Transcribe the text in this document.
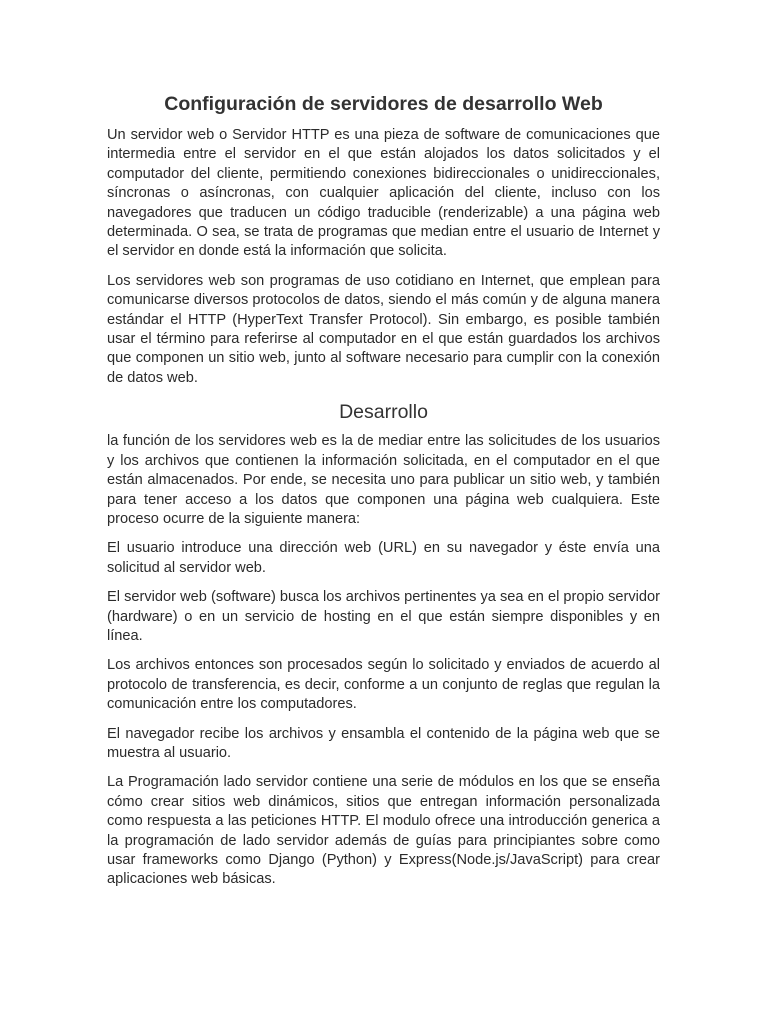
Configuración de servidores de desarrollo Web

Un servidor web o Servidor HTTP es una pieza de software de comunicaciones que intermedia entre el servidor en el que están alojados los datos solicitados y el computador del cliente, permitiendo conexiones bidireccionales o unidireccionales, síncronas o asíncronas, con cualquier aplicación del cliente, incluso con los navegadores que traducen un código traducible (renderizable) a una página web determinada. O sea, se trata de programas que median entre el usuario de Internet y el servidor en donde está la información que solicita.

Los servidores web son programas de uso cotidiano en Internet, que emplean para comunicarse diversos protocolos de datos, siendo el más común y de alguna manera estándar el HTTP (HyperText Transfer Protocol). Sin embargo, es posible también usar el término para referirse al computador en el que están guardados los archivos que componen un sitio web, junto al software necesario para cumplir con la conexión de datos web.

Desarrollo

la función de los servidores web es la de mediar entre las solicitudes de los usuarios y los archivos que contienen la información solicitada, en el computador en el que están almacenados. Por ende, se necesita uno para publicar un sitio web, y también para tener acceso a los datos que componen una página web cualquiera. Este proceso ocurre de la siguiente manera:

El usuario introduce una dirección web (URL) en su navegador y éste envía una solicitud al servidor web.

El servidor web (software) busca los archivos pertinentes ya sea en el propio servidor (hardware) o en un servicio de hosting en el que están siempre disponibles y en línea.

Los archivos entonces son procesados según lo solicitado y enviados de acuerdo al protocolo de transferencia, es decir, conforme a un conjunto de reglas que regulan la comunicación entre los computadores.

El navegador recibe los archivos y ensambla el contenido de la página web que se muestra al usuario.

La Programación lado servidor contiene una serie de módulos en los que se enseña cómo crear sitios web dinámicos, sitios que entregan información personalizada como respuesta a las peticiones HTTP. El modulo ofrece una introducción generica a la programación de lado servidor además de guías para principiantes sobre como usar frameworks como Django (Python) y Express(Node.js/JavaScript) para crear aplicaciones web básicas.
